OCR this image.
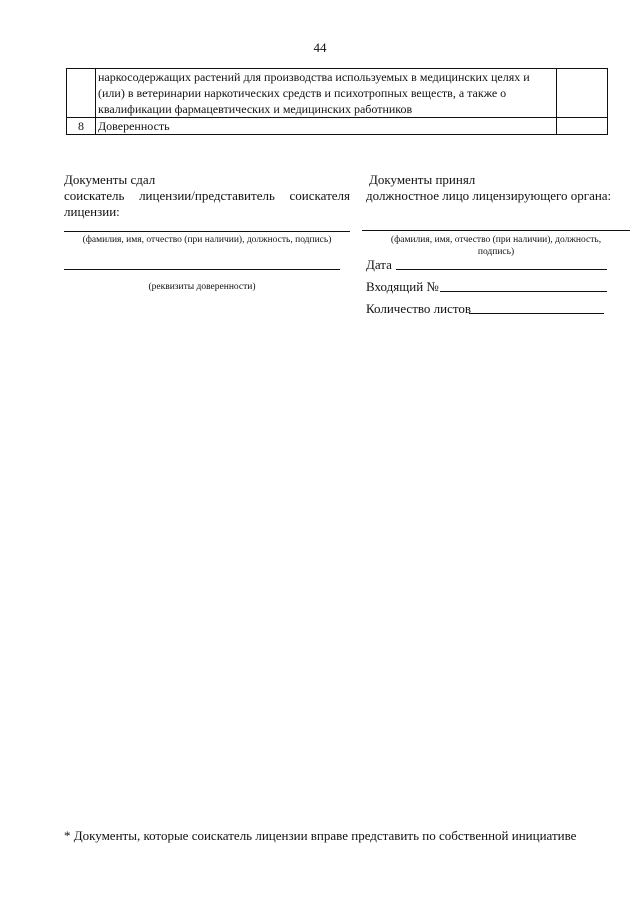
44
	наркосодержащих растений для производства используемых в медицинских целях и (или) в ветеринарии наркотических средств и психотропных веществ, а также о квалификации фармацевтических и медицинских работников	
8	Доверенность	
Документы сдал
соискатель лицензии/представитель соискателя
лицензии:
(фамилия, имя, отчество (при наличии), должность, подпись)
(реквизиты доверенности)
Документы принял
должностное лицо лицензирующего органа:
(фамилия, имя, отчество (при наличии), должность,
подпись)
Дата
Входящий №
Количество листов
* Документы, которые соискатель лицензии вправе представить по собственной инициативе
